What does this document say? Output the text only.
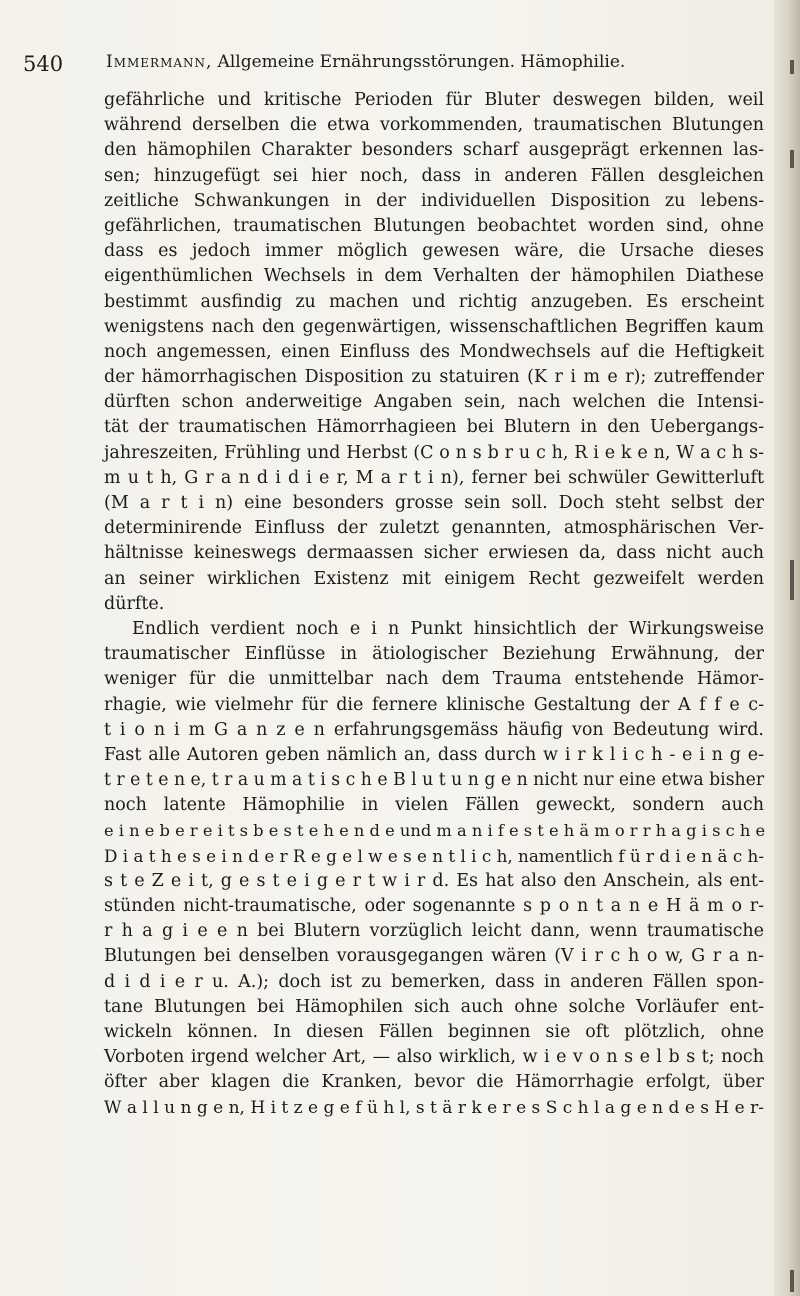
540	Immermann,
Allgemeine Ernährungsstörungen. Hämophilie.
gefährliche und kritische Perioden für Bluter deswegen bilden, weil
während derselben die etwa vorkommenden, traumatischen Blutungen
den hämophilen Charakter besonders scharf ausgeprägt erkennen las-
sen; hinzugefügt sei hier noch, dass in anderen Fällen desgleichen
zeitliche Schwankungen in der individuellen Disposition zu lebens-
gefährlichen, traumatischen Blutungen beobachtet worden sind, ohne
dass es jedoch immer möglich gewesen wäre, die Ursache dieses
eigenthümlichen Wechsels in dem Verhalten der hämophilen Diathese
bestimmt ausfindig zu machen und richtig anzugeben. Es erscheint
wenigstens nach den gegenwärtigen, wissenschaftlichen Begriffen kaum
noch angemessen, einen Einfluss des Mondwechsels auf die Heftigkeit
der hämorrhagischen Disposition zu statuiren (K r i m e r); zutreffender
dürften schon anderweitige Angaben sein, nach welchen die Intensi-
tät der traumatischen Hämorrhagieen bei Blutern in den Uebergangs-
jahreszeiten, Frühling und Herbst (C o n s b r u c h, R i e k e n, W a c h s-
m u t h, G r a n d i d i e r, M a r t i n), ferner bei schwüler Gewitterluft
(M a r t i n) eine besonders grosse sein soll. Doch steht selbst der
determinirende Einfluss der zuletzt genannten, atmosphärischen Ver-
hältnisse keineswegs dermaassen sicher erwiesen da, dass nicht auch
an seiner wirklichen Existenz mit einigem Recht gezweifelt werden
dürfte.
Endlich verdient noch e i n Punkt hinsichtlich der Wirkungsweise
traumatischer Einflüsse in ätiologischer Beziehung Erwähnung, der
weniger für die unmittelbar nach dem Trauma entstehende Hämor-
rhagie, wie vielmehr für die fernere klinische Gestaltung der A f f e c-
t i o n i m G a n z e n erfahrungsgemäss häufig von Bedeutung wird.
Fast alle Autoren geben nämlich an, dass durch w i r k l i c h - e i n g e-
t r e t e n e, t r a u m a t i s c h e B l u t u n g e n nicht nur eine etwa bisher
noch latente Hämophilie in vielen Fällen geweckt, sondern auch
e i n e b e r e i t s b e s t e h e n d e und m a n i f e s t e h ä m o r r h a g i s c h e
D i a t h e s e i n d e r R e g e l w e s e n t l i c h, namentlich f ü r d i e n ä c h-
s t e Z e i t, g e s t e i g e r t w i r d. Es hat also den Anschein, als ent-
stünden nicht-traumatische, oder sogenannte s p o n t a n e H ä m o r-
r h a g i e e n bei Blutern vorzüglich leicht dann, wenn traumatische
Blutungen bei denselben vorausgegangen wären (V i r c h o w, G r a n-
d i d i e r u. A.); doch ist zu bemerken, dass in anderen Fällen spon-
tane Blutungen bei Hämophilen sich auch ohne solche Vorläufer ent-
wickeln können. In diesen Fällen beginnen sie oft plötzlich, ohne
Vorboten irgend welcher Art, — also wirklich, w i e v o n s e l b s t; noch
öfter aber klagen die Kranken, bevor die Hämorrhagie erfolgt, über
W a l l u n g e n, H i t z e g e f ü h l, s t ä r k e r e s S c h l a g e n d e s H e r-
